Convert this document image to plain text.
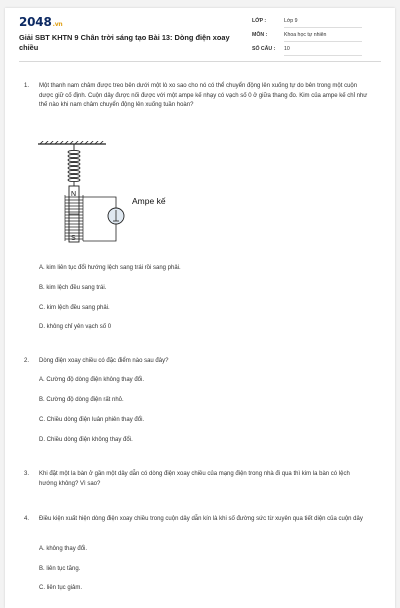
2048.vn
Giải SBT KHTN 9 Chân trời sáng tạo Bài 13: Dòng điện xoay chiều
LỚP :	Lớp 9
MÔN :	Khoa học tự nhiên
SỐ CÂU :	10
1. Một thanh nam châm được treo bên dưới một lò xo sao cho nó có thể chuyển động lên xuống tự do bên trong một cuộn dược giữ cố định. Cuộn dây được nối được với một ampe kế nhạy có vạch số 0 ở giữa thang đo. Kim của ampe kế chỉ như thế nào khi nam châm chuyển động lên xuống tuần hoàn?
N
S
Ampe kế
A. kim liên tục đổi hướng lệch sang trái rồi sang phải.
B. kim lệch đều sang trái.
C. kim lệch đều sang phải.
D. không chỉ yên vạch số 0
2. Dòng điện xoay chiều có đặc điểm nào sau đây?
A. Cường độ dòng điện không thay đổi.
B. Cường độ dòng điện rất nhỏ.
C. Chiều dòng điện luân phiên thay đổi.
D. Chiều dòng điện không thay đổi.
3. Khi đặt một la bàn ở gần một dây dẫn có dòng điện xoay chiều của mạng điện trong nhà đi qua thì kim la bàn có lệch hướng không? Vì sao?
4. Điều kiện xuất hiện dòng điện xoay chiều trong cuộn dây dẫn kín là khi số đường sức từ xuyên qua tiết diện của cuộn dây
A. không thay đổi.
B. liên tục tăng.
C. liên tục giảm.
